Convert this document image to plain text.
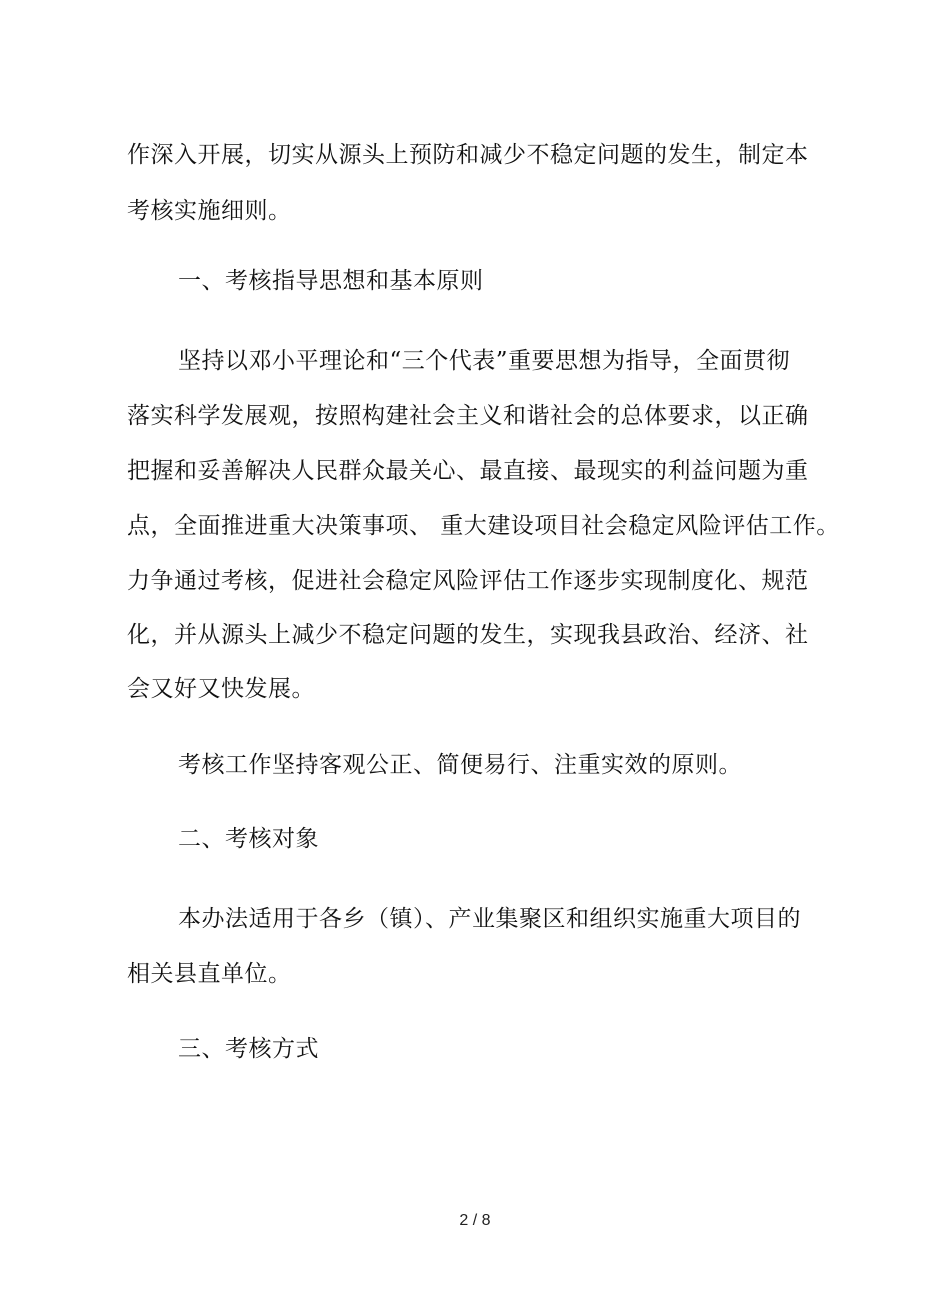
作深入开展，切实从源头上预防和减少不稳定问题的发生，制定本
考核实施细则。
一、考核指导思想和基本原则
坚持以邓小平理论和“三个代表”重要思想为指导，全面贯彻
落实科学发展观，按照构建社会主义和谐社会的总体要求，以正确
把握和妥善解决人民群众最关心、最直接、最现实的利益问题为重
点，全面推进重大决策事项、 重大建设项目社会稳定风险评估工作。
力争通过考核，促进社会稳定风险评估工作逐步实现制度化、规范
化，并从源头上减少不稳定问题的发生，实现我县政治、经济、社
会又好又快发展。
考核工作坚持客观公正、简便易行、注重实效的原则。
二、考核对象
本办法适用于各乡（镇）、产业集聚区和组织实施重大项目的
相关县直单位。
三、考核方式
2 / 8
